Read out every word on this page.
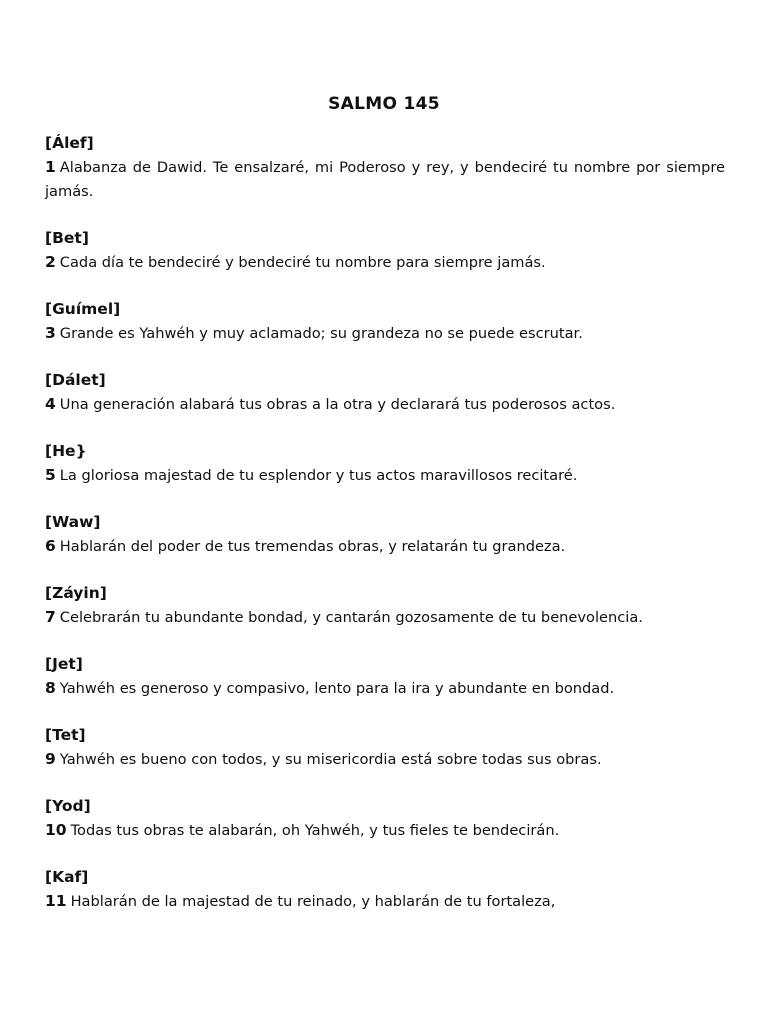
SALMO 145
[Álef]

1 Alabanza de Dawid. Te ensalzaré, mi Poderoso y rey, y bendeciré tu nombre por siempre jamás.

[Bet]

2 Cada día te bendeciré y bendeciré tu nombre para siempre jamás.

[Guímel]

3 Grande es Yahwéh y muy aclamado; su grandeza no se puede escrutar.

[Dálet]

4 Una generación alabará tus obras a la otra y declarará tus poderosos actos.

[He}

5 La gloriosa majestad de tu esplendor y tus actos maravillosos recitaré.

[Waw]

6 Hablarán del poder de tus tremendas obras, y relatarán tu grandeza.

[Záyin]

7 Celebrarán tu abundante bondad, y cantarán gozosamente de tu benevolencia.

[Jet]

8 Yahwéh es generoso y compasivo, lento para la ira y abundante en bondad.

[Tet]

9 Yahwéh es bueno con todos, y su misericordia está sobre todas sus obras.

[Yod]

10 Todas tus obras te alabarán, oh Yahwéh, y tus fieles te bendecirán.

[Kaf]

11 Hablarán de la majestad de tu reinado, y hablarán de tu fortaleza,
